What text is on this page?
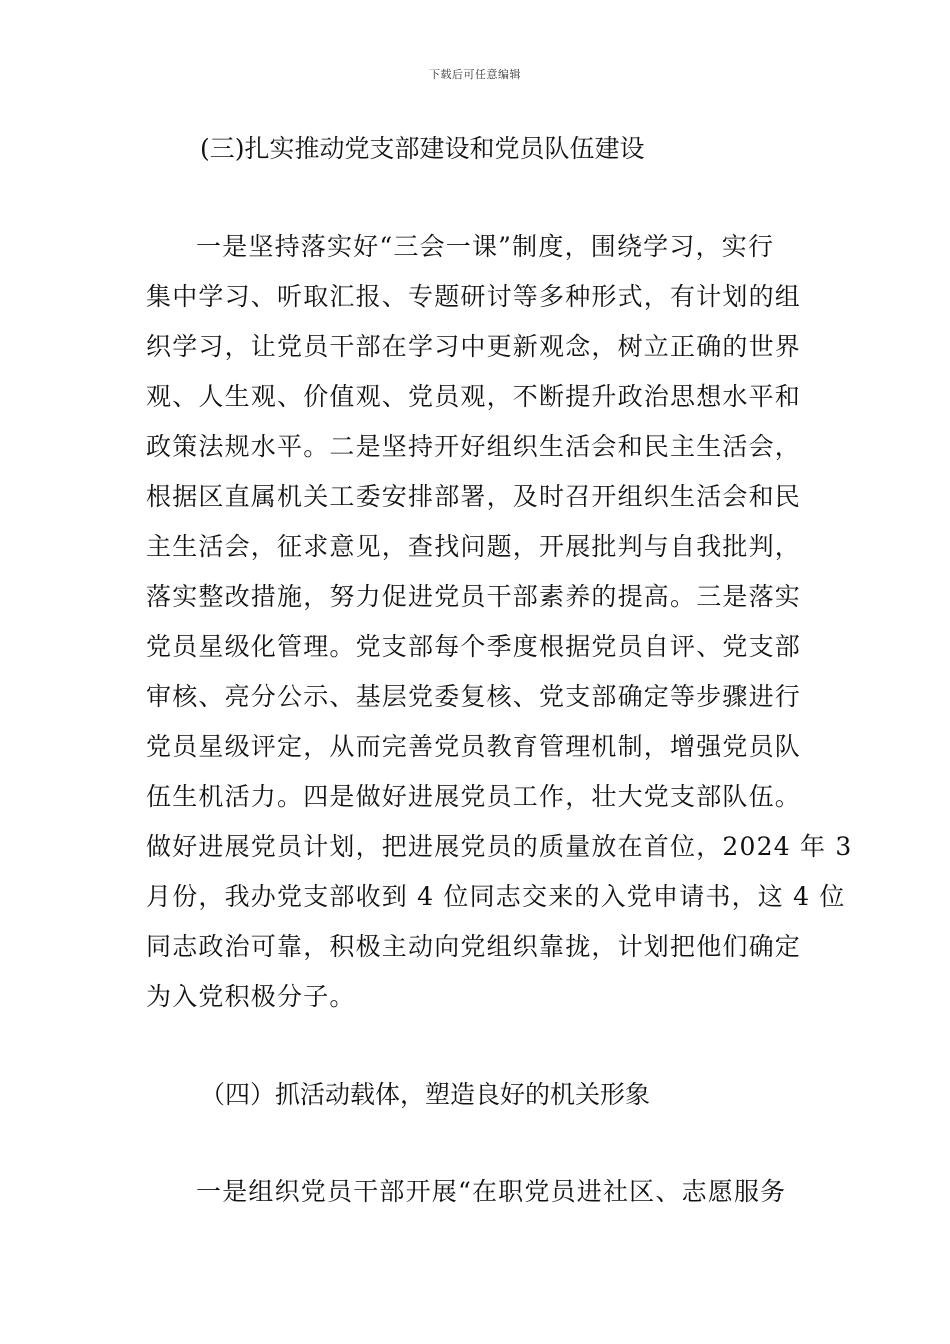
下载后可任意编辑
(三)扎实推动党支部建设和党员队伍建设
一是坚持落实好“三会一课”制度，围绕学习，实行
集中学习、听取汇报、专题研讨等多种形式，有计划的组
织学习，让党员干部在学习中更新观念，树立正确的世界
观、人生观、价值观、党员观，不断提升政治思想水平和
政策法规水平。二是坚持开好组织生活会和民主生活会，
根据区直属机关工委安排部署，及时召开组织生活会和民
主生活会，征求意见，查找问题，开展批判与自我批判，
落实整改措施，努力促进党员干部素养的提高。三是落实
党员星级化管理。党支部每个季度根据党员自评、党支部
审核、亮分公示、基层党委复核、党支部确定等步骤进行
党员星级评定，从而完善党员教育管理机制，增强党员队
伍生机活力。四是做好进展党员工作，壮大党支部队伍。
做好进展党员计划，把进展党员的质量放在首位，2024 年 3
月份，我办党支部收到 4 位同志交来的入党申请书，这 4 位
同志政治可靠，积极主动向党组织靠拢，计划把他们确定
为入党积极分子。
（四）抓活动载体，塑造良好的机关形象
一是组织党员干部开展“在职党员进社区、志愿服务
